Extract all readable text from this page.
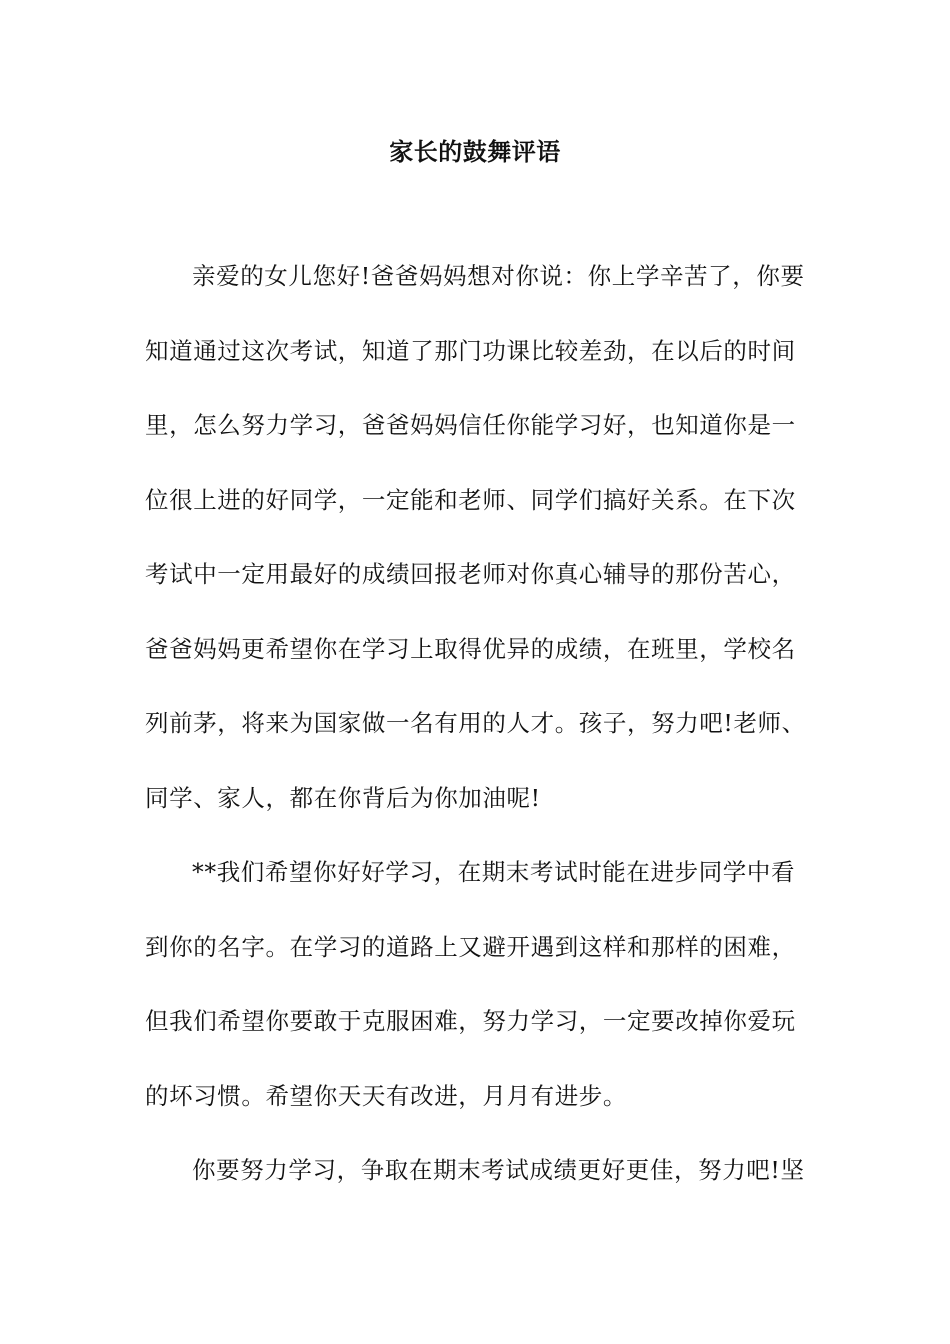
家长的鼓舞评语
亲爱的女儿您好!爸爸妈妈想对你说：你上学辛苦了，你要
知道通过这次考试，知道了那门功课比较差劲，在以后的时间
里，怎么努力学习，爸爸妈妈信任你能学习好，也知道你是一
位很上进的好同学，一定能和老师、同学们搞好关系。在下次
考试中一定用最好的成绩回报老师对你真心辅导的那份苦心，
爸爸妈妈更希望你在学习上取得优异的成绩，在班里，学校名
列前茅，将来为国家做一名有用的人才。孩子，努力吧!老师、
同学、家人，都在你背后为你加油呢!
**我们希望你好好学习，在期末考试时能在进步同学中看
到你的名字。在学习的道路上又避开遇到这样和那样的困难，
但我们希望你要敢于克服困难，努力学习，一定要改掉你爱玩
的坏习惯。希望你天天有改进，月月有进步。
你要努力学习，争取在期末考试成绩更好更佳，努力吧!坚
